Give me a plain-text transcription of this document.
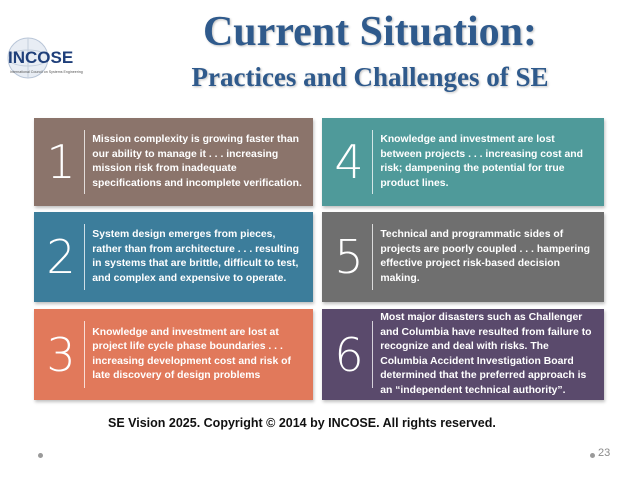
INCOSE
International Council on Systems Engineering
Current Situation:
Practices and Challenges of SE
1 Mission complexity is growing faster than our ability to manage it . . . increasing mission risk from inadequate specifications and incomplete verification.
2 System design emerges from pieces, rather than from architecture . . . resulting in systems that are brittle, difficult to test, and complex and expensive to operate.
3 Knowledge and investment are lost at project life cycle phase boundaries . . . increasing development cost and risk of late discovery of design problems
4 Knowledge and investment are lost between projects . . . increasing cost and risk; dampening the potential for true product lines.
5 Technical and programmatic sides of projects are poorly coupled . . . hampering effective project risk-based decision making.
6
Most major disasters such as Challenger and Columbia have resulted from failure to recognize and deal with risks. The Columbia Accident Investigation Board determined that the preferred approach is an “independent technical authority”.
SE Vision 2025. Copyright © 2014 by INCOSE. All rights reserved.
23
